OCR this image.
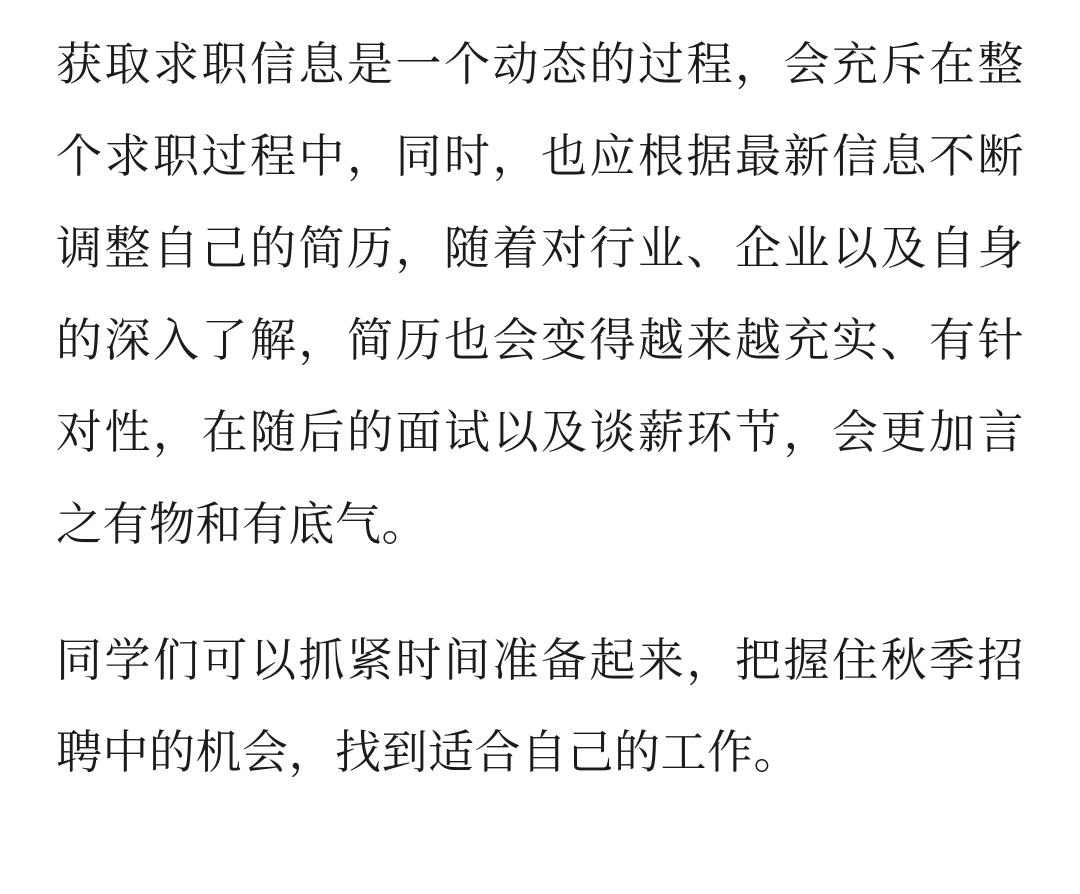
获取求职信息是一个动态的过程，会充斥在整个求职过程中，同时，也应根据最新信息不断调整自己的简历，随着对行业、企业以及自身的深入了解，简历也会变得越来越充实、有针对性，在随后的面试以及谈薪环节，会更加言之有物和有底气。

同学们可以抓紧时间准备起来，把握住秋季招聘中的机会，找到适合自己的工作。
